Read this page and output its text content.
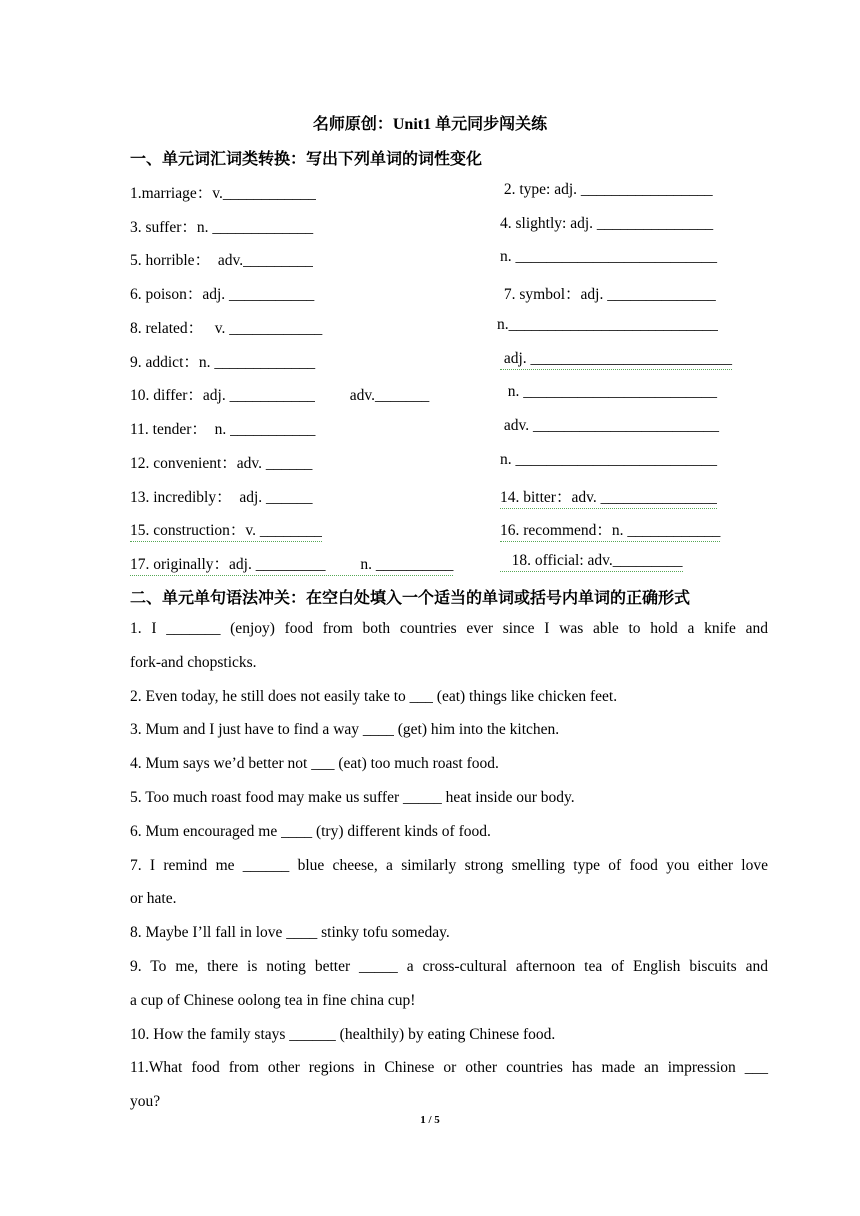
名师原创：Unit1 单元同步闯关练
一、单元词汇词类转换：写出下列单词的词性变化
1.marriage：v.____________	2. type: adj. _________________
3. suffer：n. _____________	4. slightly: adj. _______________
5. horrible：  adv._________	n. __________________________
6. poison：adj. ___________	7. symbol：adj. ______________
8. related：   v. ____________	n.___________________________
9. addict：n. _____________	adj. __________________________
10. differ：adj. ___________         adv._______	n. _________________________
11. tender：  n. ___________	adv. ________________________
12. convenient：adv. ______	n. __________________________
13. incredibly：  adj. ______	14. bitter：adv. _______________
15. construction：v. ________	16. recommend：n. ____________
17. originally：adj. _________         n. __________	18. official: adv._________
二、单元单句语法冲关：在空白处填入一个适当的单词或括号内单词的正确形式
1. I _______ (enjoy) food from both countries ever since I was able to hold a knife and
fork-and chopsticks.
2. Even today, he still does not easily take to ___ (eat) things like chicken feet.
3. Mum and I just have to find a way ____ (get) him into the kitchen.
4. Mum says we’d better not ___ (eat) too much roast food.
5. Too much roast food may make us suffer _____ heat inside our body.
6. Mum encouraged me ____ (try) different kinds of food.
7. I remind me ______ blue cheese, a similarly strong smelling type of food you either love
or hate.
8. Maybe I’ll fall in love ____ stinky tofu someday.
9. To me, there is noting better _____ a cross-cultural afternoon tea of English biscuits and
a cup of Chinese oolong tea in fine china cup!
10. How the family stays ______ (healthily) by eating Chinese food.
11.What food from other regions in Chinese or other countries has made an impression ___
you?
1 / 5
